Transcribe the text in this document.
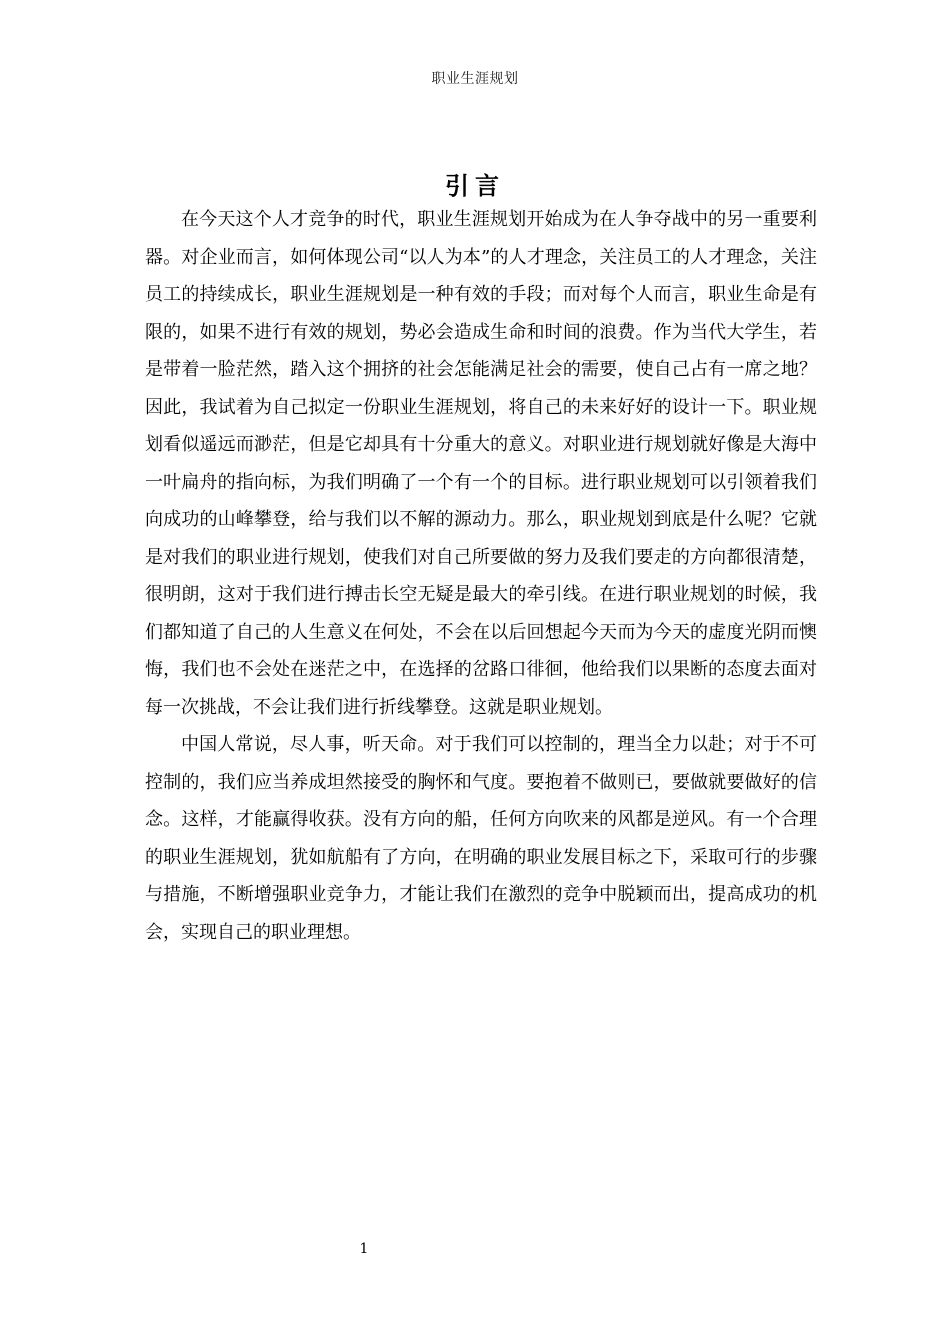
职业生涯规划
引言

在今天这个人才竞争的时代，职业生涯规划开始成为在人争夺战中的另一重要利器。对企业而言，如何体现公司“以人为本”的人才理念，关注员工的人才理念，关注员工的持续成长，职业生涯规划是一种有效的手段；而对每个人而言，职业生命是有限的，如果不进行有效的规划，势必会造成生命和时间的浪费。作为当代大学生，若是带着一脸茫然，踏入这个拥挤的社会怎能满足社会的需要，使自己占有一席之地？因此，我试着为自己拟定一份职业生涯规划，将自己的未来好好的设计一下。职业规划看似遥远而渺茫，但是它却具有十分重大的意义。对职业进行规划就好像是大海中一叶扁舟的指向标，为我们明确了一个有一个的目标。进行职业规划可以引领着我们向成功的山峰攀登，给与我们以不解的源动力。那么，职业规划到底是什么呢？它就是对我们的职业进行规划，使我们对自己所要做的努力及我们要走的方向都很清楚，很明朗，这对于我们进行搏击长空无疑是最大的牵引线。在进行职业规划的时候，我们都知道了自己的人生意义在何处，不会在以后回想起今天而为今天的虚度光阴而懊悔，我们也不会处在迷茫之中，在选择的岔路口徘徊，他给我们以果断的态度去面对每一次挑战，不会让我们进行折线攀登。这就是职业规划。

中国人常说，尽人事，听天命。对于我们可以控制的，理当全力以赴；对于不可控制的，我们应当养成坦然接受的胸怀和气度。要抱着不做则已，要做就要做好的信念。这样，才能赢得收获。没有方向的船，任何方向吹来的风都是逆风。有一个合理的职业生涯规划，犹如航船有了方向，在明确的职业发展目标之下，采取可行的步骤与措施，不断增强职业竞争力，才能让我们在激烈的竞争中脱颖而出，提高成功的机会，实现自己的职业理想。

1
